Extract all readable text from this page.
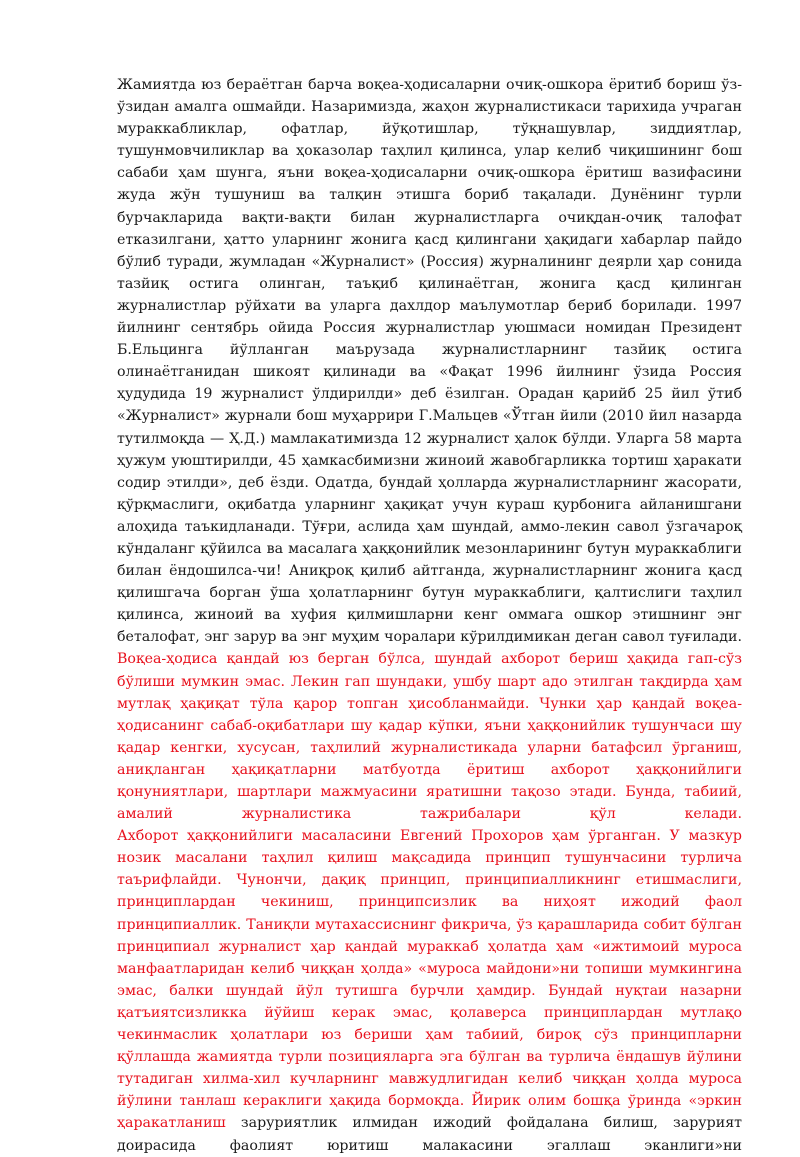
Жамиятда юз бераётган барча воқеа-ҳодисаларни очиқ-ошкора ёритиб бориш ўз-ўзидан амалга ошмайди. Назаримизда, жаҳон журналистикаси тарихида учраган мураккабликлар, офатлар, йўқотишлар, тўқнашувлар, зиддиятлар, тушунмовчиликлар ва ҳоказолар таҳлил қилинса, улар келиб чиқишининг бош сабаби ҳам шунга, яъни воқеа-ҳодисаларни очиқ-ошкора ёритиш вазифасини жуда жўн тушуниш ва талқин этишга бориб тақалади. Дунёнинг турли бурчакларида вақти-вақти билан журналистларга очиқдан-очиқ талофат етказилгани, ҳатто уларнинг жонига қасд қилингани ҳақидаги хабарлар пайдо бўлиб туради, жумладан «Журналист» (Россия) журналининг деярли ҳар сонида тазйиқ остига олинган, таъқиб қилинаётган, жонига қасд қилинган журналистлар рўйхати ва уларга дахлдор маълумотлар бериб борилади. 1997 йилнинг сентябрь ойида Россия журналистлар уюшмаси номидан Президент Б.Ельцинга йўлланган маърузада журналистларнинг тазйиқ остига олинаётганидан шикоят қилинади ва «Фақат 1996 йилнинг ўзида Россия ҳудудида 19 журналист ўлдирилди» деб ёзилган. Орадан қарийб 25 йил ўтиб «Журналист» журнали бош муҳаррири Г.Мальцев «Ўтган йили (2010 йил назарда тутилмоқда — Ҳ.Д.) мамлакатимизда 12 журналист ҳалок бўлди. Уларга 58 марта ҳужум уюштирилди, 45 ҳамкасбимизни жиноий жавобгарликка тортиш ҳаракати содир этилди», деб ёзди. Одатда, бундай ҳолларда журналистларнинг жасорати, қўрқмаслиги, оқибатда уларнинг ҳақиқат учун кураш қурбонига айланишгани алоҳида таъкидланади. Тўғри, аслида ҳам шундай, аммо-лекин савол ўзгачароқ кўндаланг қўйилса ва масалага ҳаққонийлик мезонларининг бутун мураккаблиги билан ёндошилса-чи! Аниқроқ қилиб айтганда, журналистларнинг жонига қасд қилишгача борган ўша ҳолатларнинг бутун мураккаблиги, қалтислиги таҳлил қилинса, жиноий ва хуфия қилмишларни кенг оммага ошкор этишнинг энг беталофат, энг зарур ва энг муҳим чоралари кўрилдимикан деган савол туғилади.

Воқеа-ҳодиса қандай юз берган бўлса, шундай ахборот бериш ҳақида гап-сўз бўлиши мумкин эмас. Лекин гап шундаки, ушбу шарт адо этилган тақдирда ҳам мутлақ ҳақиқат тўла қарор топган ҳисобланмайди. Чунки ҳар қандай воқеа-ҳодисанинг сабаб-оқибатлари шу қадар кўпки, яъни ҳаққонийлик тушунчаси шу қадар кенгки, хусусан, таҳлилий журналистикада уларни батафсил ўрганиш, аниқланган ҳақиқатларни матбуотда ёритиш ахборот ҳаққонийлиги қонуниятлари, шартлари мажмуасини яратишни тақозо этади. Бунда, табиий, амалий журналистика тажрибалари қўл келади.

Ахборот ҳаққонийлиги масаласини Евгений Прохоров ҳам ўрганган. У мазкур нозик масалани таҳлил қилиш мақсадида принцип тушунчасини турлича таърифлайди. Чунончи, дақиқ принцип, принципиалликнинг етишмаслиги, принциплардан чекиниш, принципсизлик ва ниҳоят ижодий фаол принципиаллик. Таниқли мутахассиснинг фикрича, ўз қарашларида собит бўлган принципиал журналист ҳар қандай мураккаб ҳолатда ҳам «ижтимоий муроса манфаатларидан келиб чиққан ҳолда» «муроса майдони»ни топиши мумкингина эмас, балки шундай йўл тутишга бурчли ҳамдир. Бундай нуқтаи назарни қатъиятсизликка йўйиш керак эмас, қолаверса принциплардан мутлақо чекинмаслик ҳолатлари юз бериши ҳам табиий, бироқ сўз принципларни қўллашда жамиятда турли позицияларга эга бўлган ва турлича ёндашув йўлини тутадиган хилма-хил кучларнинг мавжудлигидан келиб чиққан ҳолда муроса йўлини танлаш кераклиги ҳақида бормоқда. Йирик олим бошқа ўринда «эркин ҳаракатланиш заруриятлик илмидан ижодий фойдалана билиш, зарурият доирасида фаолият юритиш малакасини эгаллаш эканлиги»ни
